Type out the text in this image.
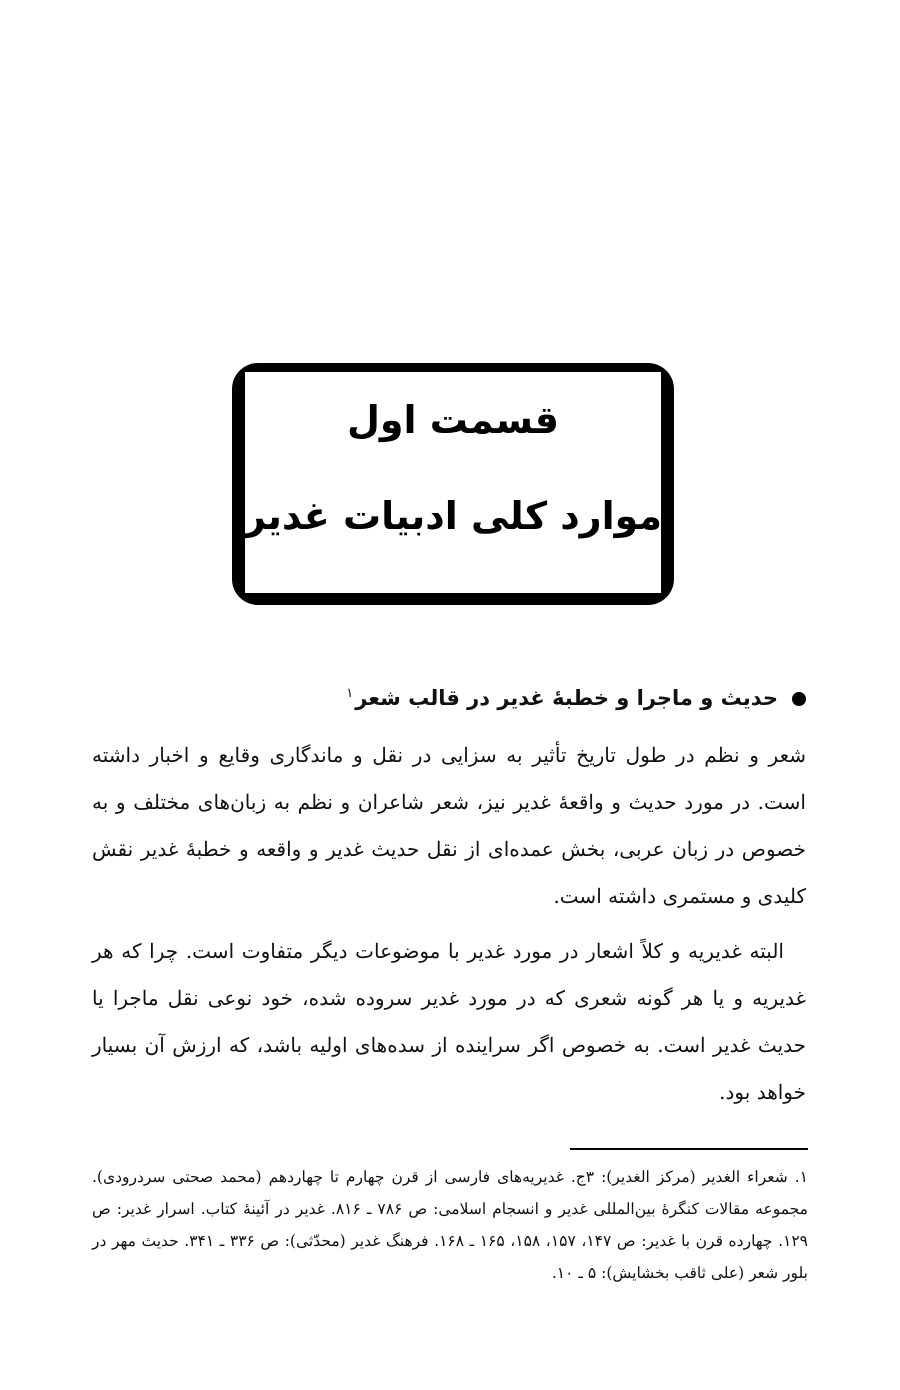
قسمت اول
موارد کلی ادبیات غدیر
حدیث و ماجرا و خطبهٔ غدیر در قالب شعر$^۱$
شعر و نظم در طول تاریخ تأثیر به سزایی در نقل و ماندگاری وقایع و اخبار داشته است. در مورد حدیث و واقعهٔ غدیر نیز، شعر شاعران و نظم به زبان‌های مختلف و به خصوص در زبان عربی، بخش عمده‌ای از نقل حدیث غدیر و واقعه و خطبهٔ غدیر نقش کلیدی و مستمری داشته است.
البته غدیریه و کلاً اشعار در مورد غدیر با موضوعات دیگر متفاوت است. چرا که هر غدیریه و یا هر گونه شعری که در مورد غدیر سروده شده، خود نوعی نقل ماجرا یا حدیث غدیر است. به خصوص اگر سراینده از سده‌های اولیه باشد، که ارزش آن بسیار خواهد بود.
۱. شعراء الغدیر (مرکز الغدیر): ۳ج. غدیریه‌های فارسی از قرن چهارم تا چهاردهم (محمد صحتی سردرودی). مجموعه مقالات کنگرهٔ بین‌المللی غدیر و انسجام اسلامی: ص ۷۸۶ ـ ۸۱۶. غدیر در آئینهٔ کتاب. اسرار غدیر: ص ۱۲۹. چهارده قرن با غدیر: ص ۱۴۷، ۱۵۷، ۱۵۸، ۱۶۵ ـ ۱۶۸. فرهنگ غدیر (محدّثی): ص ۳۳۶ ـ ۳۴۱. حدیث مهر در بلور شعر (علی ثاقب بخشایش): ۵ ـ ۱۰.
